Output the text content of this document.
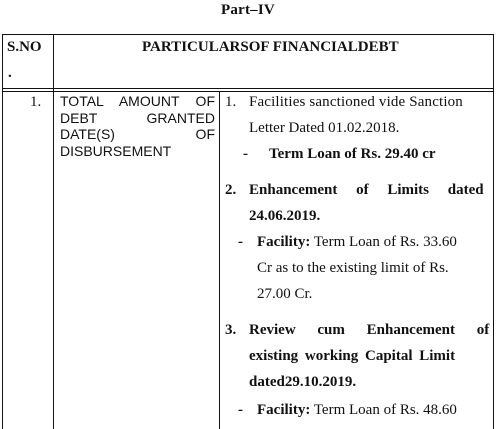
Part–IV
S.NO
.
PARTICULARSOF FINANCIALDEBT
1. TOTAL AMOUNT OF DEBT GRANTED DATE(S) OF DISBURSEMENT
1. Facilities sanctioned vide Sanction
Letter Dated 01.02.2018.
- Term Loan of Rs. 29.40 cr
2. Enhancement of Limits dated
24.06.2019.
- Facility: Term Loan of Rs. 33.60
Cr as to the existing limit of Rs.
27.00 Cr.
3. Review cum Enhancement of
existing working Capital Limit
dated29.10.2019.
- Facility: Term Loan of Rs. 48.60
